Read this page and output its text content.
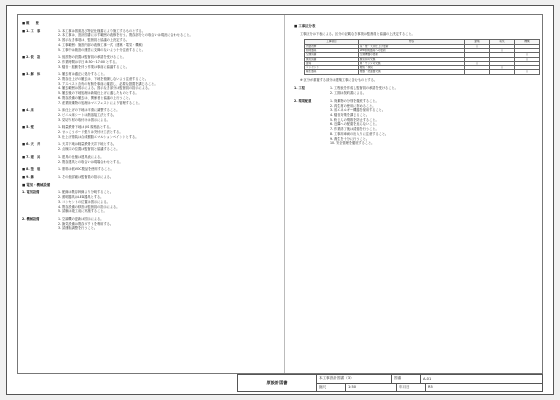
■ 概　　要
■ 1. 工　事	1. 本工事は図面及び特記仕様書により施工するものとする。
2. 本工事は、設計図書に示す範囲の改修を行う。既存部分との取合いは現況に合わせること。
3. 図示なき事項は、監督員と協議の上決定する。
4. 工事範囲：施設内部の改修工事一式（建築・電気・機械）
5. 工事中は施設の運営に支障のないよう十分注意すること。
■ 2. 仮　設	1. 仮設物の設置は監督員の承諾を受けること。
2. 作業時間は平日 8:30～17:00 とする。
3. 騒音・振動を伴う作業は事前に協議すること。
■ 3. 解　体	1. 撤去材は適正に処分すること。
2. 既存仕上げの撤去は、下地を損傷しないよう注意すること。
3. アスベスト含有の有無を事前に確認し、必要な措置を講じること。
4. 撤去範囲は図示による。図示なき部分は監督員の指示による。
5. 撤去後の下地処理は新規仕上げに適したものとする。
6. 既存設備の撤去は、関係者と協議の上行うこと。
7. 産業廃棄物の処理はマニフェストにより管理すること。
■ 4. 床	1. 床仕上げの下地は平滑に調整すること。
2. ビニル床シートは熱溶接工法とする。
3. 見切り材の取付けは図示による。
■ 5. 壁	1. 軽量鉄骨下地は JIS 規格品とする。
2. せっこうボード張りは突付け工法とする。
3. 仕上げ塗装は合成樹脂エマルションペイントとする。
■ 6. 天　井	1. 天井下地は軽量鉄骨天井下地とする。
2. 点検口の位置は監督員と協議すること。
■ 7. 建　具	1. 建具の仕様は建具表による。
2. 既存建具との取合いは現場合わせとする。
■ 8. 塗　装	1. 塗料は低VOC製品を使用すること。
■ 9. 雑	1. その他詳細は監督員の指示による。
■ 電気・機械設備
1. 電気設備	1. 配線は既存幹線より分岐すること。
2. 照明器具はLED器具とする。
3. コンセントの位置は図示による。
4. 既存設備の移設は監督員の指示による。
5. 試験は竣工前に実施すること。
2. 機械設備	1. 空調機の更新は図示による。
2. 換気設備は既存ダクトを利用する。
3. 試運転調整を行うこと。
■ 工事区分表
工事区分は下表による。区分の記載なき事項は監督員と協議の上決定すること。
工事項目	内容	建築	電気	機械
内装改修	床・壁・天井仕上げ更新	○		
照明器具	LED照明器具への更新		○	
空調設備	空調機器の更新			○
換気設備	換気扇の交換			○
建具	扉・サッシの交換	○		
コンセント	増設・移設		○	
衛生器具	便器・洗面器交換			○
※ 区分が重複する部分は建築工事に含むものとする。
1. 工程	1. 工程表を作成し監督員の承諾を受けること。
2. 工期は契約書による。
2. 環境配慮	1. 廃棄物の分別を徹底すること。
2. 再生材の使用に努めること。
3. 省エネルギー機器を採用すること。
4. 騒音対策を講じること。
5. 粉じんの飛散を防止すること。
6. 近隣への配慮を怠らないこと。
7. 作業終了後は清掃を行うこと。
8. 工事用車両の出入りに注意すること。
9. 養生を十分に行うこと。
10. 安全管理を徹底すること。
原設計図書
本工事設計図書（3）	図番	A-01
縮尺	1:50	年月日	R5
